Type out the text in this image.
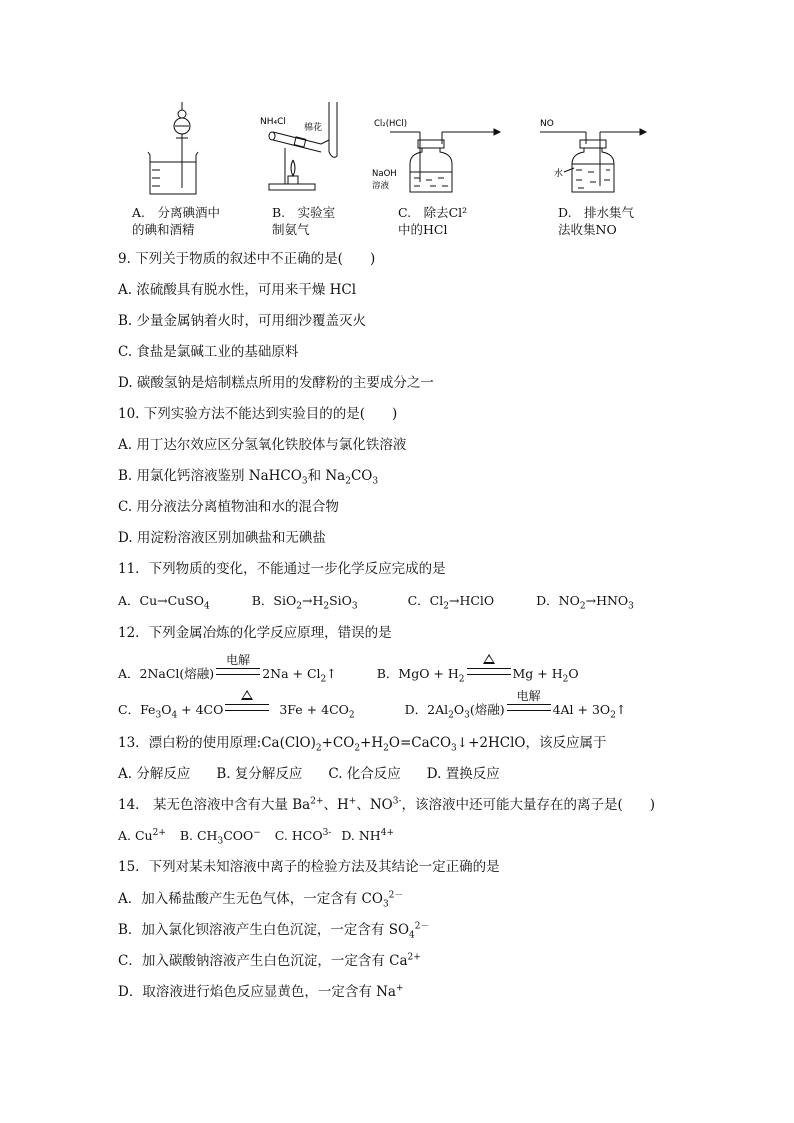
A.　分离碘酒中
的碘和酒精
NH₄Cl
棉花
B.　实验室
制氨气
Cl₂(HCl)
NaOH
溶液
C.　除去Cl²
中的HCl
NO
水
D.　排水集气
法收集NO
9. 下列关于物质的叙述中不正确的是(　　)
A. 浓硫酸具有脱水性，可用来干燥 HCl
B. 少量金属钠着火时，可用细沙覆盖灭火
C. 食盐是氯碱工业的基础原料
D. 碳酸氢钠是焙制糕点所用的发酵粉的主要成分之一
10. 下列实验方法不能达到实验目的的是(　　)
A. 用丁达尔效应区分氢氧化铁胶体与氯化铁溶液
B. 用氯化钙溶液鉴别 NaHCO$_3$和 $Na_2CO_3$
C. 用分液法分离植物油和水的混合物
D. 用淀粉溶液区别加碘盐和无碘盐
11．下列物质的变化，不能通过一步化学反应完成的是
A．Cu→CuSO$_4$	B．$SiO_2\to H_2SiO_3$	C．$Cl_2\to HClO$	D．$NO_2\to HNO_3$
12．下列金属冶炼的化学反应原理，错误的是
A．2NaCl(熔融)
电解
$2Na + Cl_2↑$	B．MgO + $H_2$	$Mg + H_2O$
C．$Fe_3O_4 + 4CO$	$3Fe + 4CO_2$	D．$2Al_2O_3$(熔融)
电解
$4Al + 3O_2↑$
13．漂白粉的使用原理$:Ca(ClO)_2+CO_2+H_2O=CaCO_3↓+2HClO$，该反应属于
A. 分解反应 B. 复分解反应 C. 化合反应 D. 置换反应
14． 某无色溶液中含有大量 $Ba^{2+}$、H+、$NO^{3-}$，该溶液中还可能大量存在的离子是(　　)
A. $Cu^{2+}$ B. $CH_3COO^-$ C. $HCO^{3-}$ D. $NH^{4+}$
15．下列对某未知溶液中离子的检验方法及其结论一定正确的是
A．加入稀盐酸产生无色气体，一定含有 $CO_3^{2-}$
B．加入氯化钡溶液产生白色沉淀，一定含有 $SO_4^{2-}$
C．加入碳酸钠溶液产生白色沉淀，一定含有 $Ca^{2+}$
D．取溶液进行焰色反应显黄色，一定含有 Na+
